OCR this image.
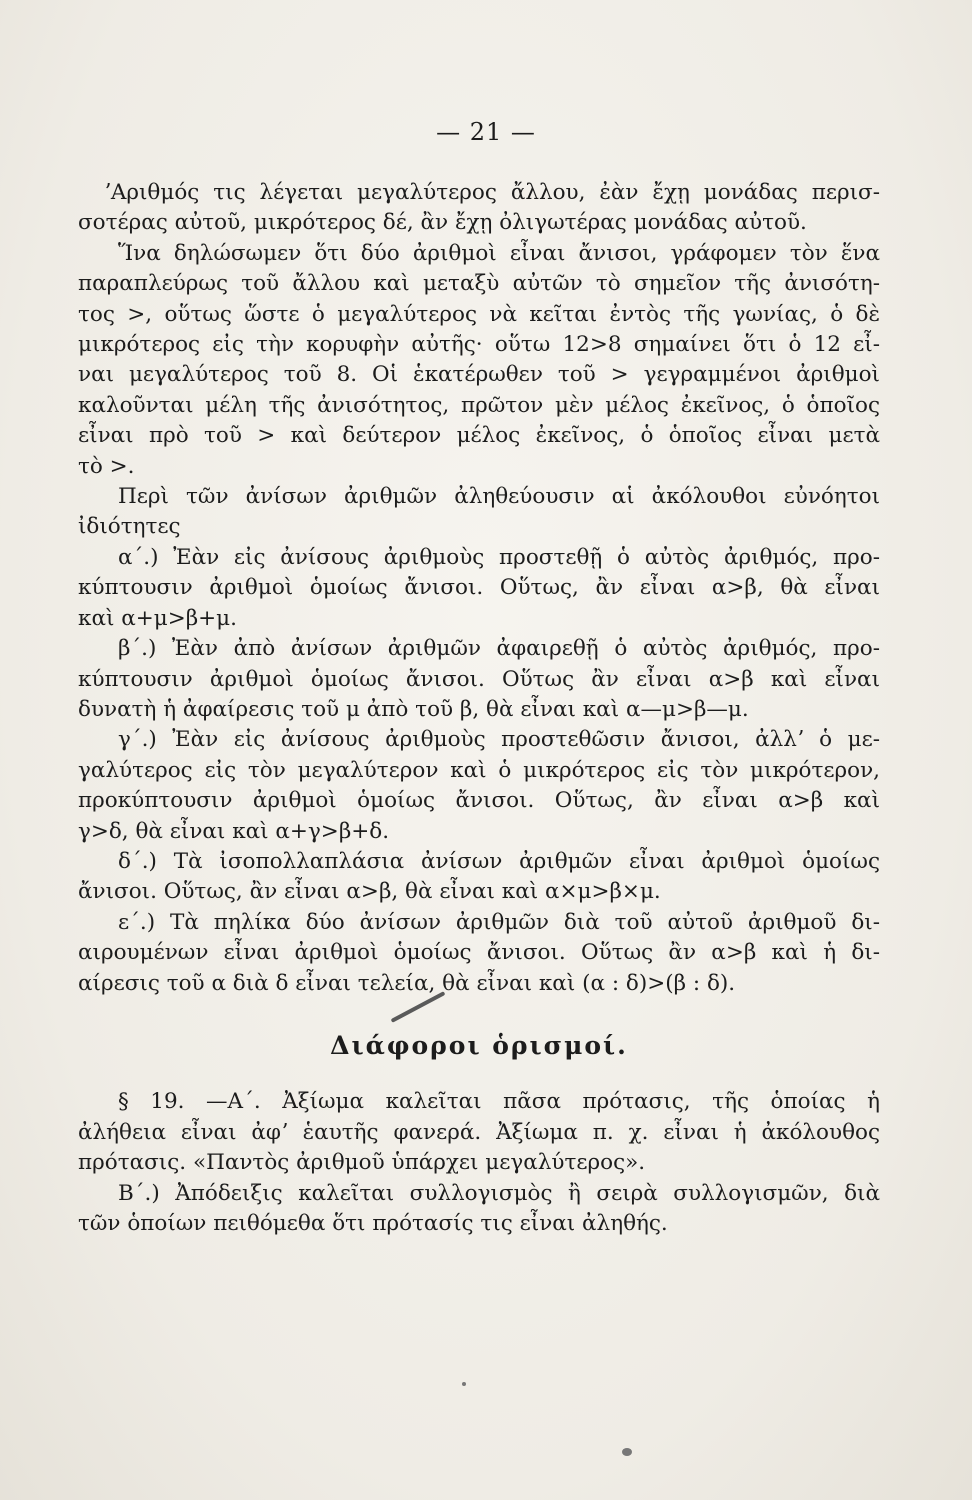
— 21 —
ʼΑριθμός τις λέγεται μεγαλύτερος ἄλλου, ἐὰν ἔχῃ μονάδας περισ-
σοτέρας αὐτοῦ, μικρότερος δέ, ἂν ἔχῃ ὀλιγωτέρας μονάδας αὐτοῦ.
Ἵνα δηλώσωμεν ὅτι δύο ἀριθμοὶ εἶναι ἄνισοι, γράφομεν τὸν ἕνα
παραπλεύρως τοῦ ἄλλου καὶ μεταξὺ αὐτῶν τὸ σημεῖον τῆς ἀνισότη-
τος >, οὕτως ὥστε ὁ μεγαλύτερος νὰ κεῖται ἐντὸς τῆς γωνίας, ὁ δὲ
μικρότερος εἰς τὴν κορυφὴν αὐτῆς· οὕτω 12>8 σημαίνει ὅτι ὁ 12 εἶ-
ναι μεγαλύτερος τοῦ 8. Οἱ ἑκατέρωθεν τοῦ > γεγραμμένοι ἀριθμοὶ
καλοῦνται μέλη τῆς ἀνισότητος, πρῶτον μὲν μέλος ἐκεῖνος, ὁ ὁποῖος
εἶναι πρὸ τοῦ > καὶ δεύτερον μέλος ἐκεῖνος, ὁ ὁποῖος εἶναι μετὰ
τὸ >.
Περὶ τῶν ἀνίσων ἀριθμῶν ἀληθεύουσιν αἱ ἀκόλουθοι εὐνόητοι
ἰδιότητες
α΄.) Ἐὰν εἰς ἀνίσους ἀριθμοὺς προστεθῇ ὁ αὐτὸς ἀριθμός, προ-
κύπτουσιν ἀριθμοὶ ὁμοίως ἄνισοι. Οὕτως, ἂν εἶναι α>β, θὰ εἶναι
καὶ α+μ>β+μ.
β΄.) Ἐὰν ἀπὸ ἀνίσων ἀριθμῶν ἀφαιρεθῇ ὁ αὐτὸς ἀριθμός, προ-
κύπτουσιν ἀριθμοὶ ὁμοίως ἄνισοι. Οὕτως ἂν εἶναι α>β καὶ εἶναι
δυνατὴ ἡ ἀφαίρεσις τοῦ μ ἀπὸ τοῦ β, θὰ εἶναι καὶ α—μ>β—μ.
γ΄.) Ἐὰν εἰς ἀνίσους ἀριθμοὺς προστεθῶσιν ἄνισοι, ἀλλʼ ὁ με-
γαλύτερος εἰς τὸν μεγαλύτερον καὶ ὁ μικρότερος εἰς τὸν μικρότερον,
προκύπτουσιν ἀριθμοὶ ὁμοίως ἄνισοι. Οὕτως, ἂν εἶναι α>β καὶ
γ>δ, θὰ εἶναι καὶ α+γ>β+δ.
δ΄.) Τὰ ἰσοπολλαπλάσια ἀνίσων ἀριθμῶν εἶναι ἀριθμοὶ ὁμοίως
ἄνισοι. Οὕτως, ἂν εἶναι α>β, θὰ εἶναι καὶ α×μ>β×μ.
ε΄.) Τὰ πηλίκα δύο ἀνίσων ἀριθμῶν διὰ τοῦ αὐτοῦ ἀριθμοῦ δι-
αιρουμένων εἶναι ἀριθμοὶ ὁμοίως ἄνισοι. Οὕτως ἂν α>β καὶ ἡ δι-
αίρεσις τοῦ α διὰ δ εἶναι τελεία, θὰ εἶναι καὶ (α : δ)>(β : δ).
Διάφοροι ὁρισμοί.
§ 19. —Α΄. Ἀξίωμα καλεῖται πᾶσα πρότασις, τῆς ὁποίας ἡ
ἀλήθεια εἶναι ἀφʼ ἑαυτῆς φανερά. Ἀξίωμα π. χ. εἶναι ἡ ἀκόλουθος
πρότασις. «Παντὸς ἀριθμοῦ ὑπάρχει μεγαλύτερος».
Β΄.) Ἀπόδειξις καλεῖται συλλογισμὸς ἢ σειρὰ συλλογισμῶν, διὰ
τῶν ὁποίων πειθόμεθα ὅτι πρότασίς τις εἶναι ἀληθής.
